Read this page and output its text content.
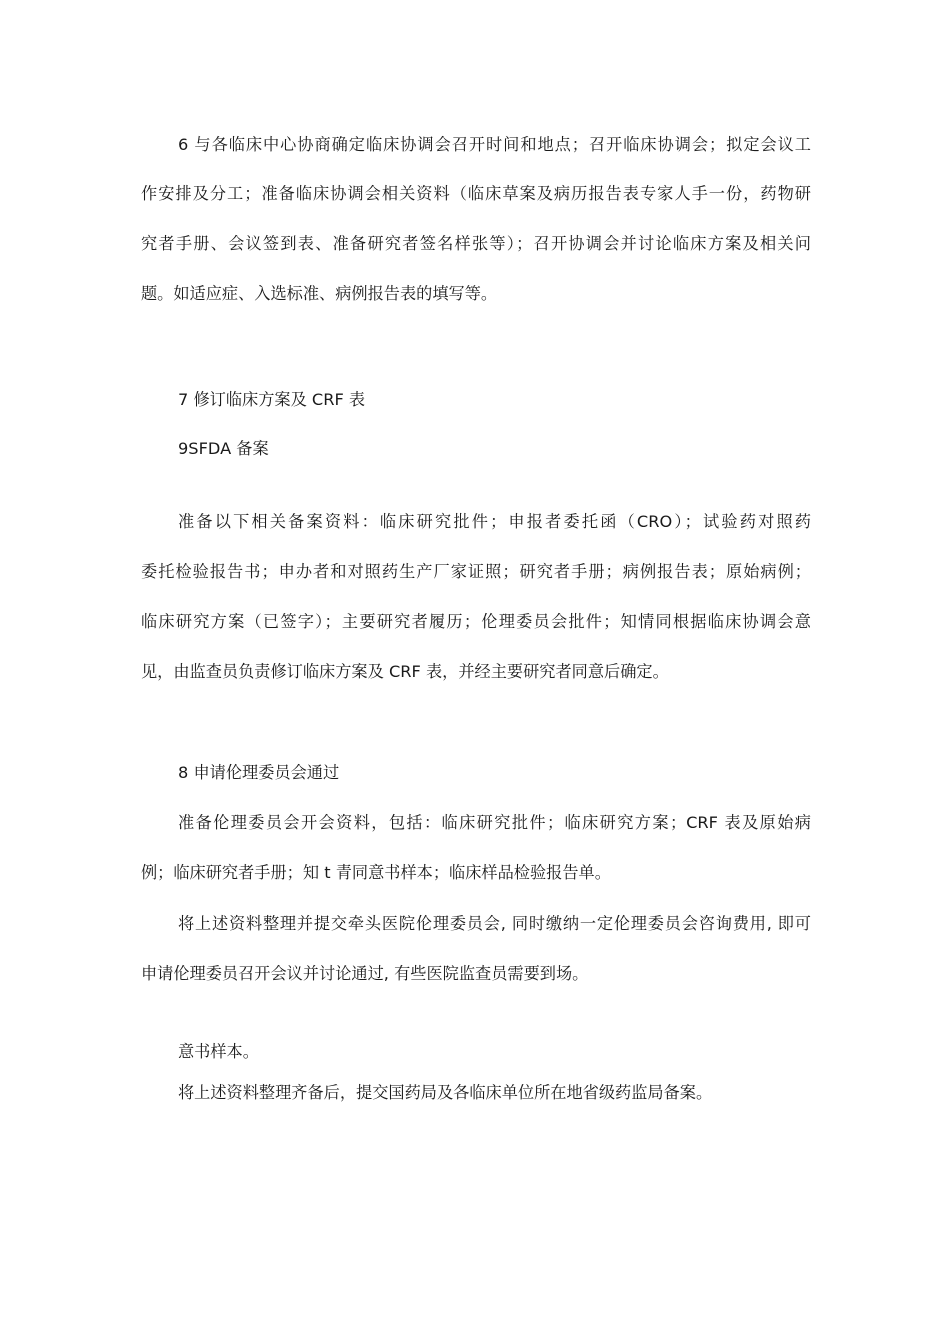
6 与各临床中心协商确定临床协调会召开时间和地点；召开临床协调会；拟定会议工
作安排及分工；准备临床协调会相关资料（临床草案及病历报告表专家人手一份，药物研
究者手册、会议签到表、准备研究者签名样张等）；召开协调会并讨论临床方案及相关问
题。如适应症、入选标准、病例报告表的填写等。
7 修订临床方案及 CRF 表
9SFDA 备案
准备以下相关备案资料：临床研究批件；申报者委托函（CRO）；试验药对照药
委托检验报告书；申办者和对照药生产厂家证照；研究者手册；病例报告表；原始病例；
临床研究方案（已签字）；主要研究者履历；伦理委员会批件；知情同根据临床协调会意
见，由监查员负责修订临床方案及 CRF 表，并经主要研究者同意后确定。
8 申请伦理委员会通过
准备伦理委员会开会资料，包括：临床研究批件；临床研究方案；CRF 表及原始病
例；临床研究者手册；知 t 青同意书样本；临床样品检验报告单。
将上述资料整理并提交牵头医院伦理委员会, 同时缴纳一定伦理委员会咨询费用, 即可
申请伦理委员召开会议并讨论通过, 有些医院监查员需要到场。
意书样本。
将上述资料整理齐备后，提交国药局及各临床单位所在地省级药监局备案。
